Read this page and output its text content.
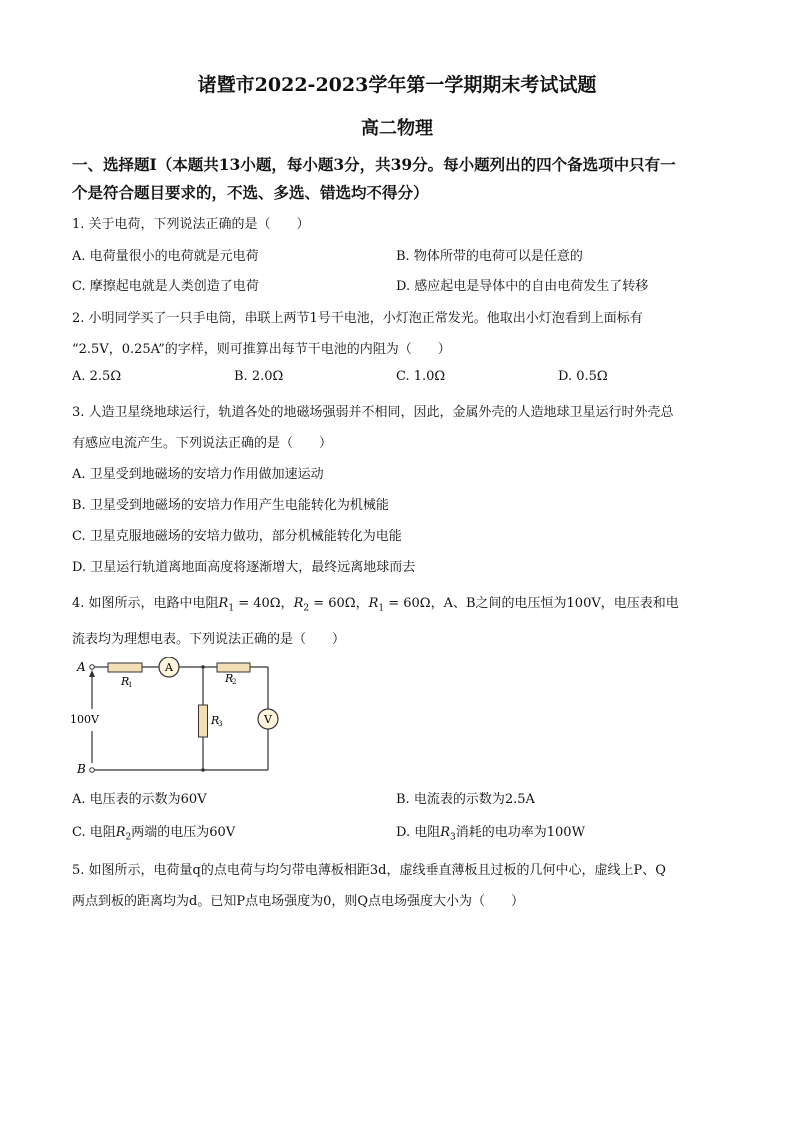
诸暨市2022-2023学年第一学期期末考试试题
高二物理
一、选择题Ⅰ（本题共13小题，每小题3分，共39分。每小题列出的四个备选项中只有一
个是符合题目要求的，不选、多选、错选均不得分）
1. 关于电荷，下列说法正确的是（　　）
A. 电荷量很小的电荷就是元电荷	B. 物体所带的电荷可以是任意的
C. 摩擦起电就是人类创造了电荷	D. 感应起电是导体中的自由电荷发生了转移
2. 小明同学买了一只手电筒，串联上两节1号干电池，小灯泡正常发光。他取出小灯泡看到上面标有
“2.5V，0.25A”的字样，则可推算出每节干电池的内阻为（　　）
A. 2.5Ω	B. 2.0Ω	C. 1.0Ω	D. 0.5Ω
3. 人造卫星绕地球运行，轨道各处的地磁场强弱并不相同，因此，金属外壳的人造地球卫星运行时外壳总
有感应电流产生。下列说法正确的是（　　）
A. 卫星受到地磁场的安培力作用做加速运动
B. 卫星受到地磁场的安培力作用产生电能转化为机械能
C. 卫星克服地磁场的安培力做功，部分机械能转化为电能
D. 卫星运行轨道离地面高度将逐渐增大，最终远离地球而去
4. 如图所示，电路中电阻$R_1 = 40\Omega$，$R_2 = 60\Omega$，$R_1 = 60\Omega$，A、B之间的电压恒为100V，电压表和电
流表均为理想电表。下列说法正确的是（　　）
A
V
A
B
100V
R
1	R
2
R
3
A. 电压表的示数为60V	B. 电流表的示数为2.5A
C. 电阻$R_2$两端的电压为60V	D. 电阻$R_3$消耗的电功率为100W
5. 如图所示，电荷量q的点电荷与均匀带电薄板相距3d，虚线垂直薄板且过板的几何中心，虚线上P、Q
两点到板的距离均为d。已知P点电场强度为0，则Q点电场强度大小为（　　）
